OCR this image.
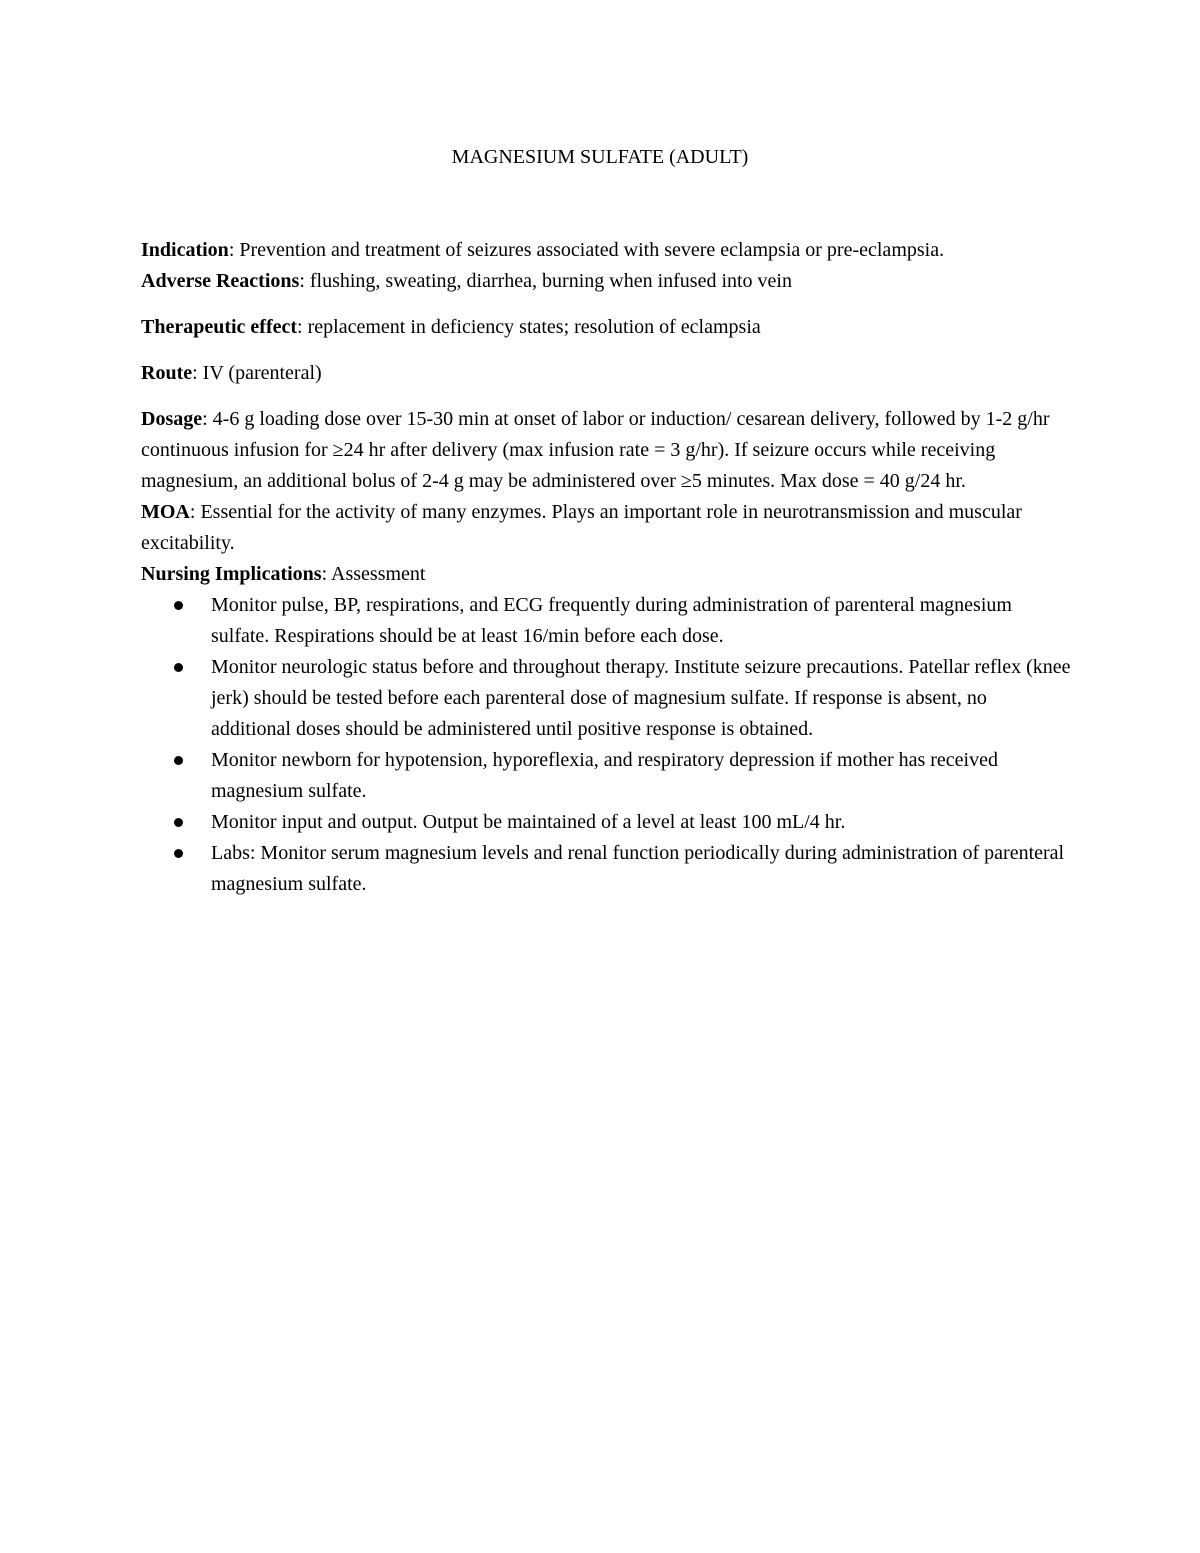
MAGNESIUM SULFATE (ADULT)

Indication: Prevention and treatment of seizures associated with severe eclampsia or pre-eclampsia.

Adverse Reactions: flushing, sweating, diarrhea, burning when infused into vein

Therapeutic effect: replacement in deficiency states; resolution of eclampsia

Route: IV (parenteral)

Dosage: 4-6 g loading dose over 15-30 min at onset of labor or induction/ cesarean delivery, followed by 1-2 g/hr continuous infusion for ≥24 hr after delivery (max infusion rate = 3 g/hr). If seizure occurs while receiving magnesium, an additional bolus of 2-4 g may be administered over ≥5 minutes. Max dose = 40 g/24 hr.

MOA: Essential for the activity of many enzymes. Plays an important role in neurotransmission and muscular excitability.

Nursing Implications: Assessment

Monitor pulse, BP, respirations, and ECG frequently during administration of parenteral magnesium sulfate. Respirations should be at least 16/min before each dose.
Monitor neurologic status before and throughout therapy. Institute seizure precautions. Patellar reflex (knee jerk) should be tested before each parenteral dose of magnesium sulfate. If response is absent, no additional doses should be administered until positive response is obtained.
Monitor newborn for hypotension, hyporeflexia, and respiratory depression if mother has received magnesium sulfate.
Monitor input and output. Output be maintained of a level at least 100 mL/4 hr.
Labs: Monitor serum magnesium levels and renal function periodically during administration of parenteral magnesium sulfate.
